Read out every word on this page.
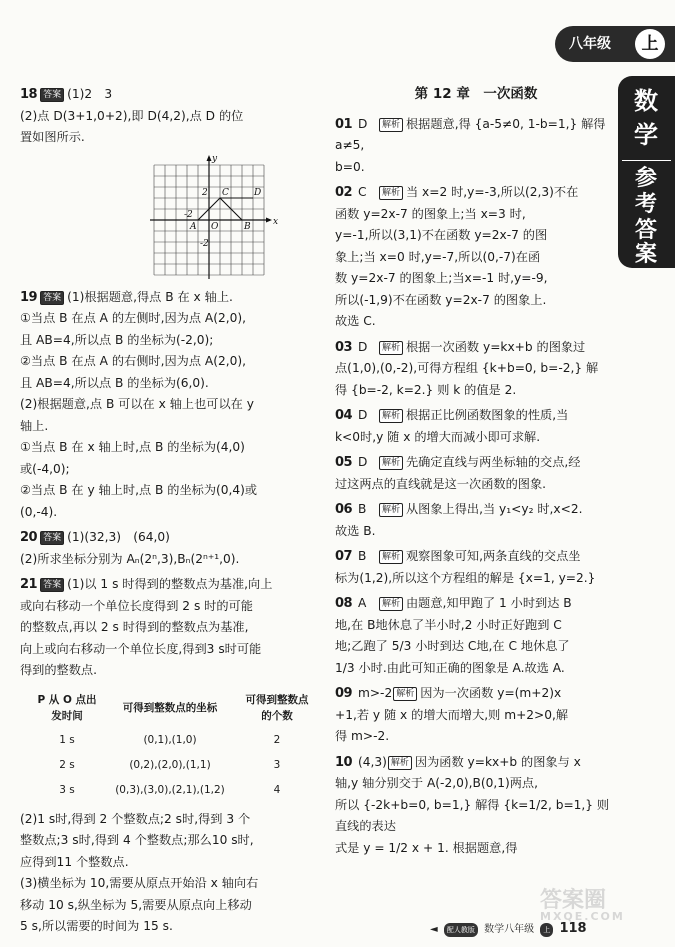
八年级	上
数
学
参
考
答
案

18 答案 (1)2　3

(2)点 D(3+1,0+2),即 D(4,2),点 D 的位

置如图所示.

x
y
O
2 C	D
-2
A	B
-2

19 答案 (1)根据题意,得点 B 在 x 轴上.

①当点 B 在点 A 的左侧时,因为点 A(2,0),

且 AB=4,所以点 B 的坐标为(-2,0);

②当点 B 在点 A 的右侧时,因为点 A(2,0),

且 AB=4,所以点 B 的坐标为(6,0).

(2)根据题意,点 B 可以在 x 轴上也可以在 y

轴上.

①当点 B 在 x 轴上时,点 B 的坐标为(4,0)

或(-4,0);

②当点 B 在 y 轴上时,点 B 的坐标为(0,4)或

(0,-4).

20 答案 (1)(32,3)　(64,0)

(2)所求坐标分别为 Aₙ(2ⁿ,3),Bₙ(2ⁿ⁺¹,0).

21 答案 (1)以 1 s 时得到的整数点为基准,向上

或向右移动一个单位长度得到 2 s 时的可能

的整数点,再以 2 s 时得到的整数点为基准,

向上或向右移动一个单位长度,得到3 s时可能

得到的整数点.

P 从 O 点出发时间	可得到整数点的坐标	可得到整数点的个数
1 s	(0,1),(1,0)	2
2 s	(0,2),(2,0),(1,1)	3
3 s	(0,3),(3,0),(2,1),(1,2)	4

(2)1 s时,得到 2 个整数点;2 s时,得到 3 个

整数点;3 s时,得到 4 个整数点;那么10 s时,

应得到11 个整数点.

(3)横坐标为 10,需要从原点开始沿 x 轴向右

移动 10 s,纵坐标为 5,需要从原点向上移动

5 s,所以需要的时间为 15 s.

第 12 章　一次函数

01 D 解析 根据题意,得 {a-5≠0, 1-b=1,} 解得 a≠5,

b=0.

02 C 解析 当 x=2 时,y=-3,所以(2,3)不在

函数 y=2x-7 的图象上;当 x=3 时,

y=-1,所以(3,1)不在函数 y=2x-7 的图

象上;当 x=0 时,y=-7,所以(0,-7)在函

数 y=2x-7 的图象上;当x=-1 时,y=-9,

所以(-1,9)不在函数 y=2x-7 的图象上.

故选 C.

03 D 解析 根据一次函数 y=kx+b 的图象过

点(1,0),(0,-2),可得方程组 {k+b=0, b=-2,} 解

得 {b=-2, k=2.} 则 k 的值是 2.

04 D 解析 根据正比例函数图象的性质,当

k<0时,y 随 x 的增大而减小即可求解.

05 D 解析 先确定直线与两坐标轴的交点,经

过这两点的直线就是这一次函数的图象.

06 B 解析 从图象上得出,当 y₁<y₂ 时,x<2.

故选 B.

07 B 解析 观察图象可知,两条直线的交点坐

标为(1,2),所以这个方程组的解是 {x=1, y=2.}

08 A 解析 由题意,知甲跑了 1 小时到达 B

地,在 B地休息了半小时,2 小时正好跑到 C

地;乙跑了 5/3 小时到达 C地,在 C 地休息了

1/3 小时.由此可知正确的图象是 A.故选 A.

09 m>-2 解析 因为一次函数 y=(m+2)x

+1,若 y 随 x 的增大而增大,则 m+2>0,解

得 m>-2.

10 (4,3) 解析 因为函数 y=kx+b 的图象与 x

轴,y 轴分别交于 A(-2,0),B(0,1)两点,

所以 {-2k+b=0, b=1,} 解得 {k=1/2, b=1,} 则直线的表达

式是 y = 1/2 x + 1. 根据题意,得

◄ 配人教版 数学八年级 上 118
答案圈
MXQE.COM
